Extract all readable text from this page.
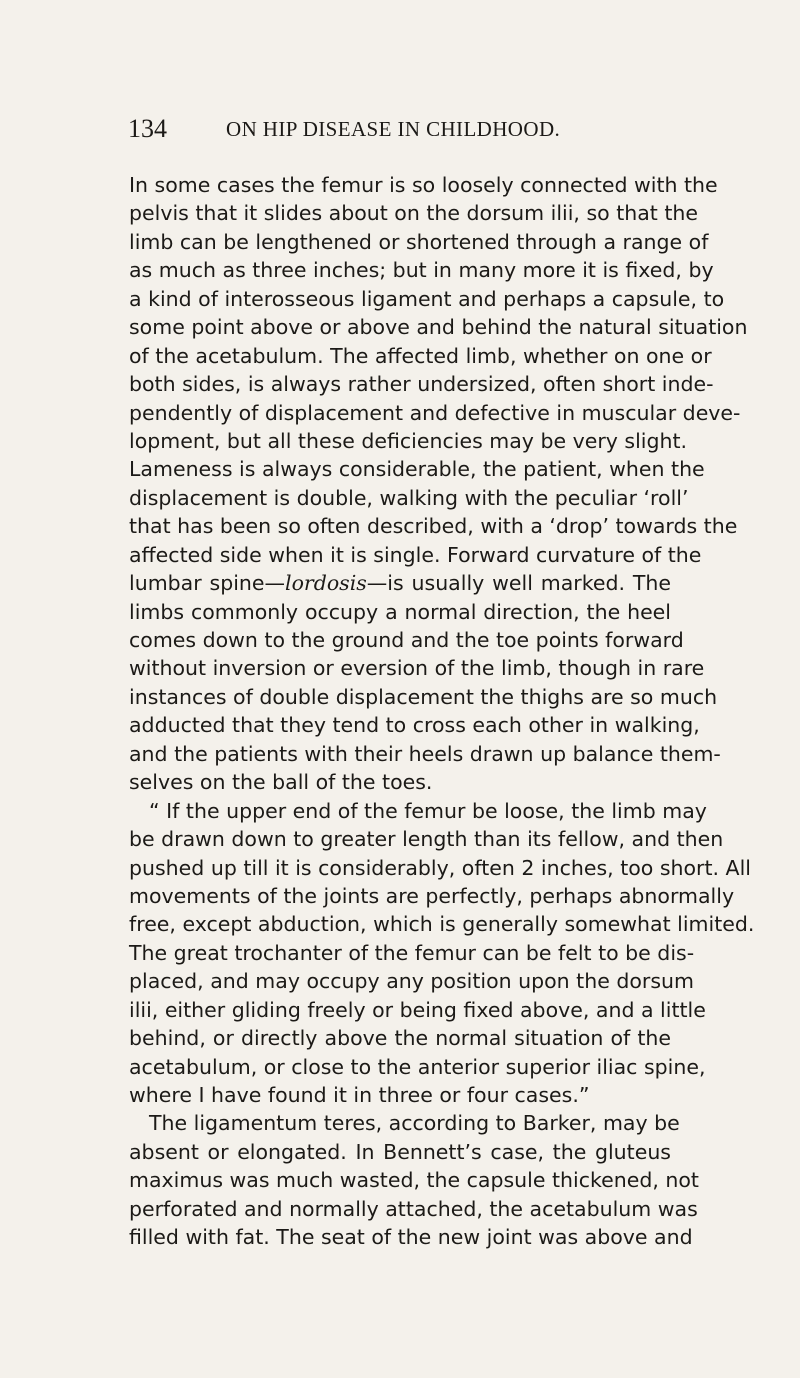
134	ON HIP DISEASE IN CHILDHOOD.
In some cases the femur is so loosely connected with the
pelvis that it slides about on the dorsum ilii, so that the
limb can be lengthened or shortened through a range of
as much as three inches; but in many more it is fixed, by
a kind of interosseous ligament and perhaps a capsule, to
some point above or above and behind the natural situation
of the acetabulum. The affected limb, whether on one or
both sides, is always rather undersized, often short inde-
pendently of displacement and defective in muscular deve-
lopment, but all these deficiencies may be very slight.
Lameness is always considerable, the patient, when the
displacement is double, walking with the peculiar ‘roll’
that has been so often described, with a ‘drop’ towards the
affected side when it is single. Forward curvature of the
lumbar spine—lordosis—is usually well marked. The
limbs commonly occupy a normal direction, the heel
comes down to the ground and the toe points forward
without inversion or eversion of the limb, though in rare
instances of double displacement the thighs are so much
adducted that they tend to cross each other in walking,
and the patients with their heels drawn up balance them-
selves on the ball of the toes.
“ If the upper end of the femur be loose, the limb may
be drawn down to greater length than its fellow, and then
pushed up till it is considerably, often 2 inches, too short. All
movements of the joints are perfectly, perhaps abnormally
free, except abduction, which is generally somewhat limited.
The great trochanter of the femur can be felt to be dis-
placed, and may occupy any position upon the dorsum
ilii, either gliding freely or being fixed above, and a little
behind, or directly above the normal situation of the
acetabulum, or close to the anterior superior iliac spine,
where I have found it in three or four cases.”
The ligamentum teres, according to Barker, may be
absent or elongated. In Bennett’s case, the gluteus
maximus was much wasted, the capsule thickened, not
perforated and normally attached, the acetabulum was
filled with fat. The seat of the new joint was above and
